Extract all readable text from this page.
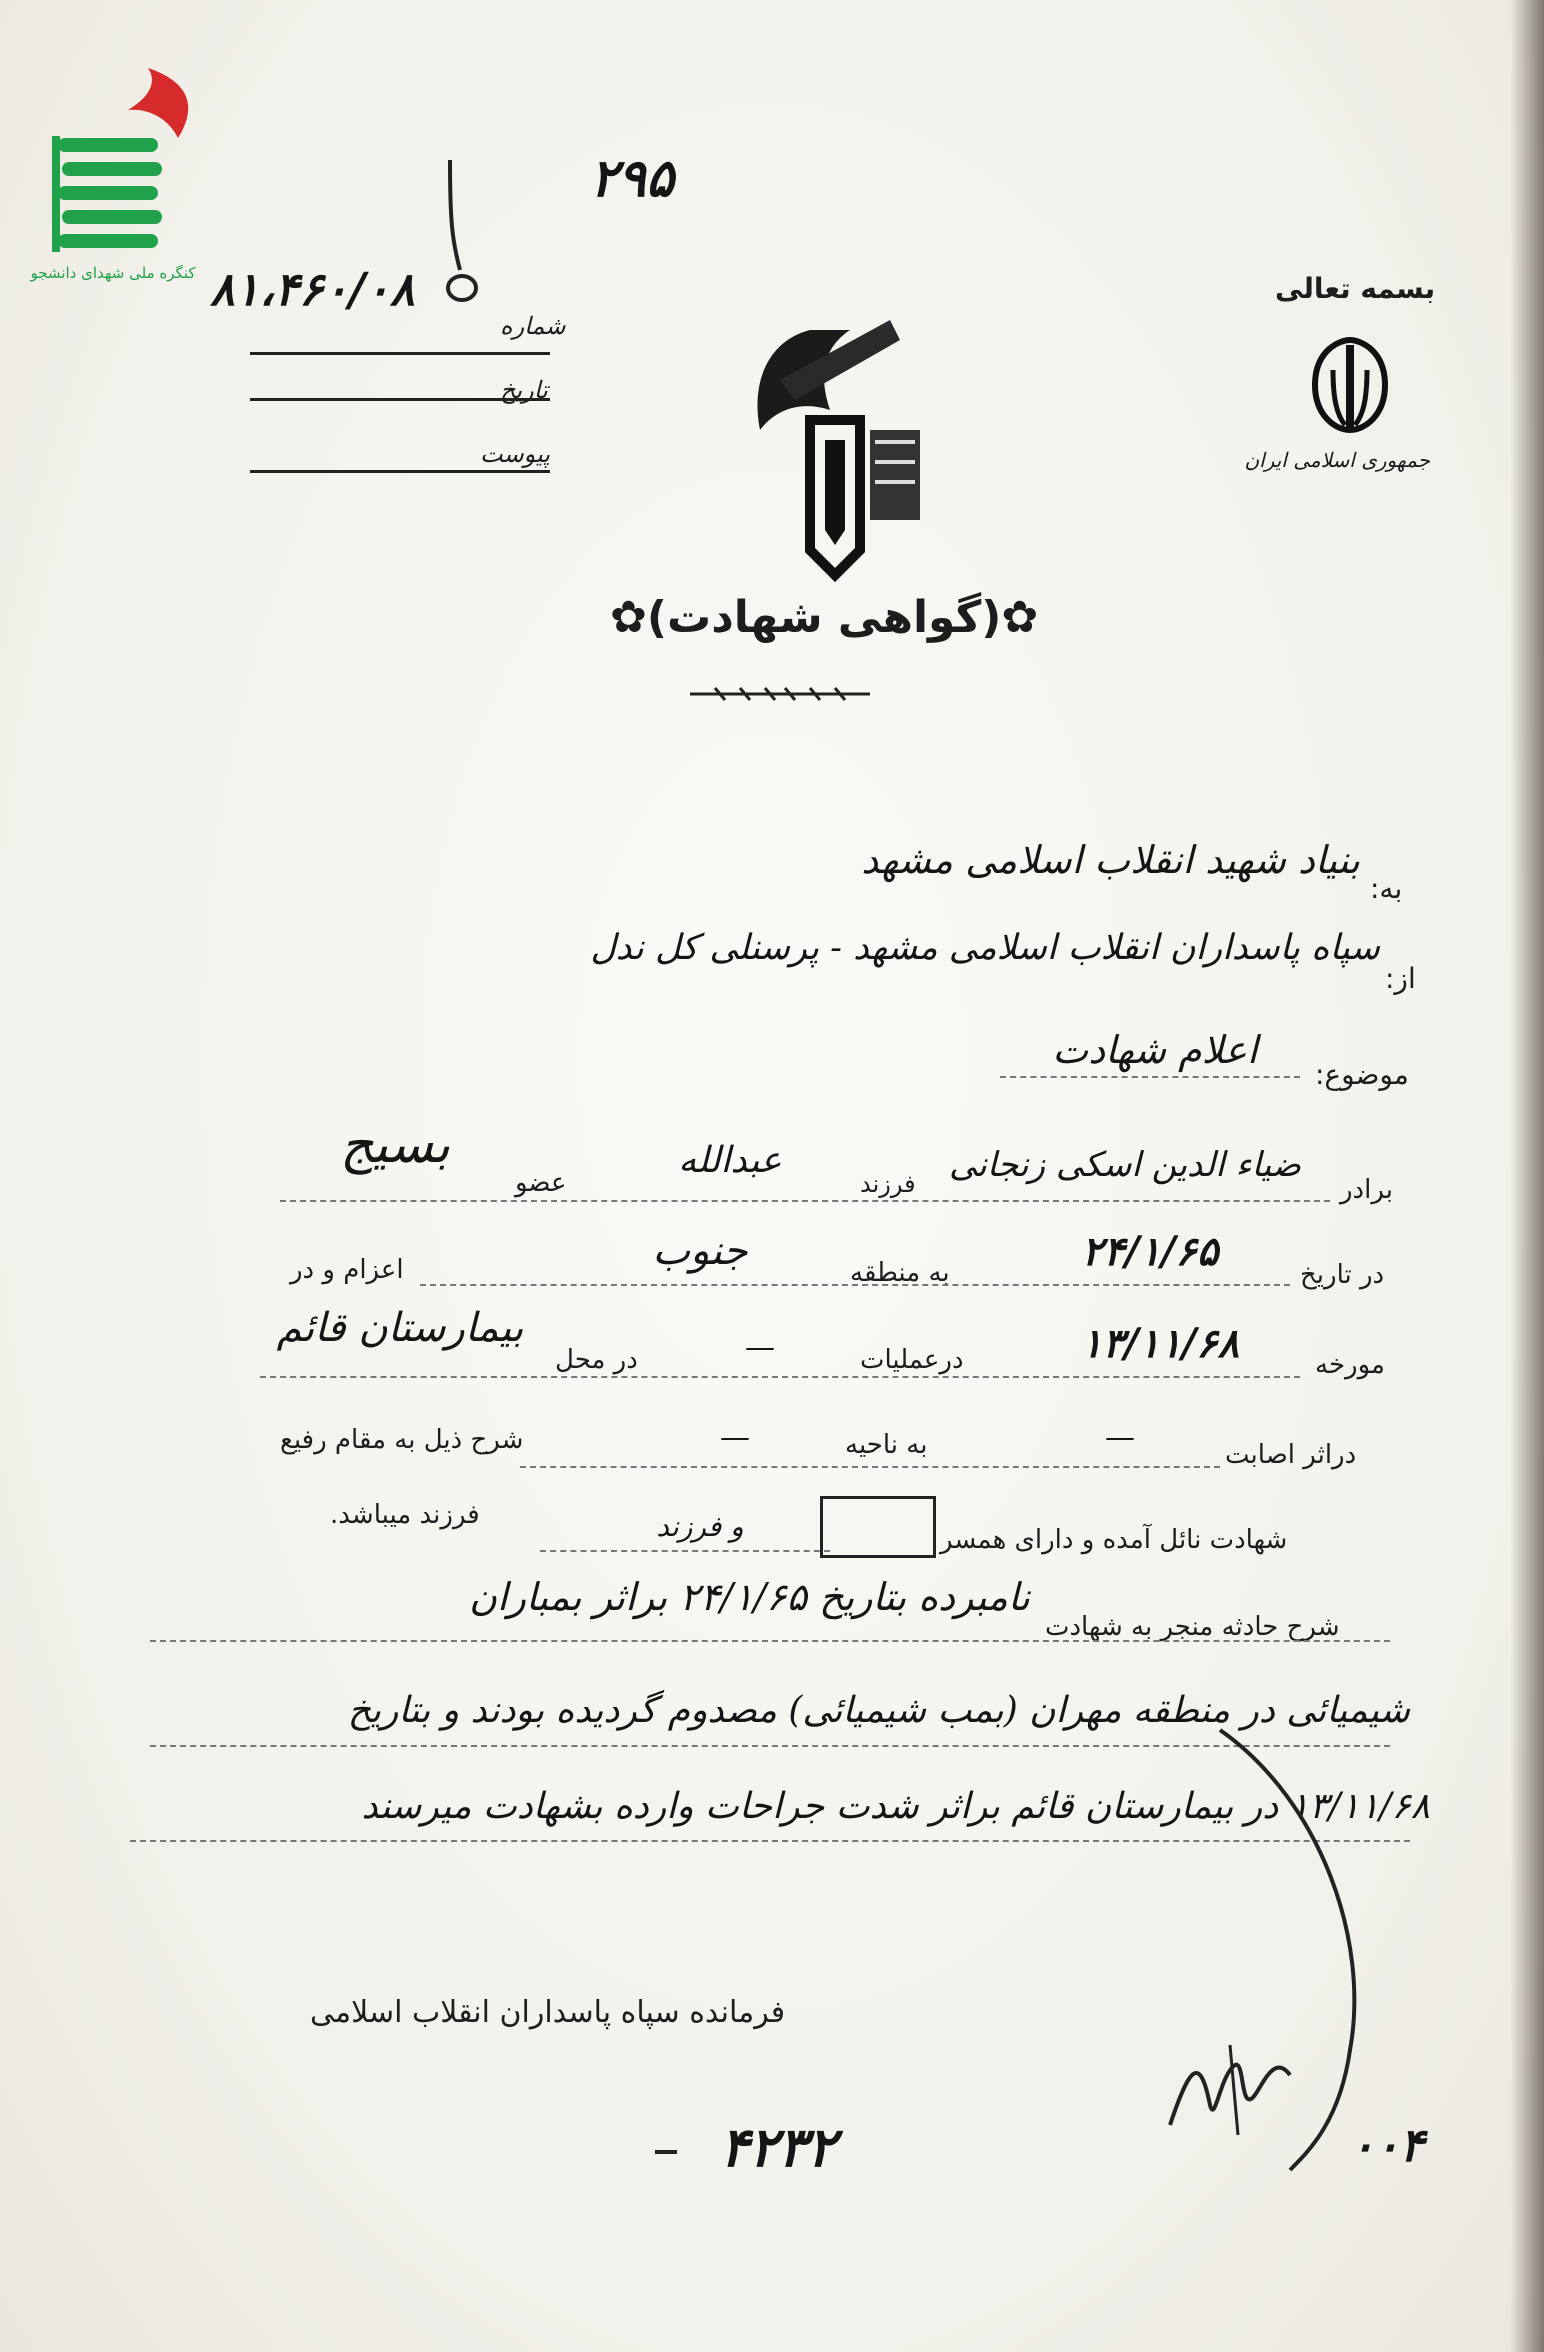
کنگره ملی شهدای دانشجو
۲۹۵
۸۱،۴۶۰/۰۸
شماره
تاریخ
پیوست
بسمه تعالی
جمهوری اسلامی ایران
✿(گواهی شهادت)✿
به:
بنیاد شهید انقلاب اسلامی مشهد
از:
سپاه پاسداران انقلاب اسلامی مشهد - پرسنلی کل ندل
موضوع:
اعلام شهادت
برادر
ضیاء الدین اسکی زنجانی
فرزند
عبدالله
عضو
بسیج
در تاریخ
۲۴/۱/۶۵
به منطقه
جنوب
اعزام و در
مورخه
۱۳/۱۱/۶۸
درعملیات
—
در محل
بیمارستان قائم
دراثر اصابت
—
به ناحیه
—
شرح ذیل به مقام رفیع
شهادت نائل آمده و دارای همسر
و فرزند
فرزند میباشد.
شرح حادثه منجر به شهادت
نامبرده بتاریخ ۲۴/۱/۶۵ براثر بمباران
شیمیائی در منطقه مهران (بمب شیمیائی) مصدوم گردیده بودند و بتاریخ
۱۳/۱۱/۶۸ در بیمارستان قائم براثر شدت جراحات وارده بشهادت میرسند
فرمانده سپاه پاسداران انقلاب اسلامی
۴۲۳۲	۰۰۴
